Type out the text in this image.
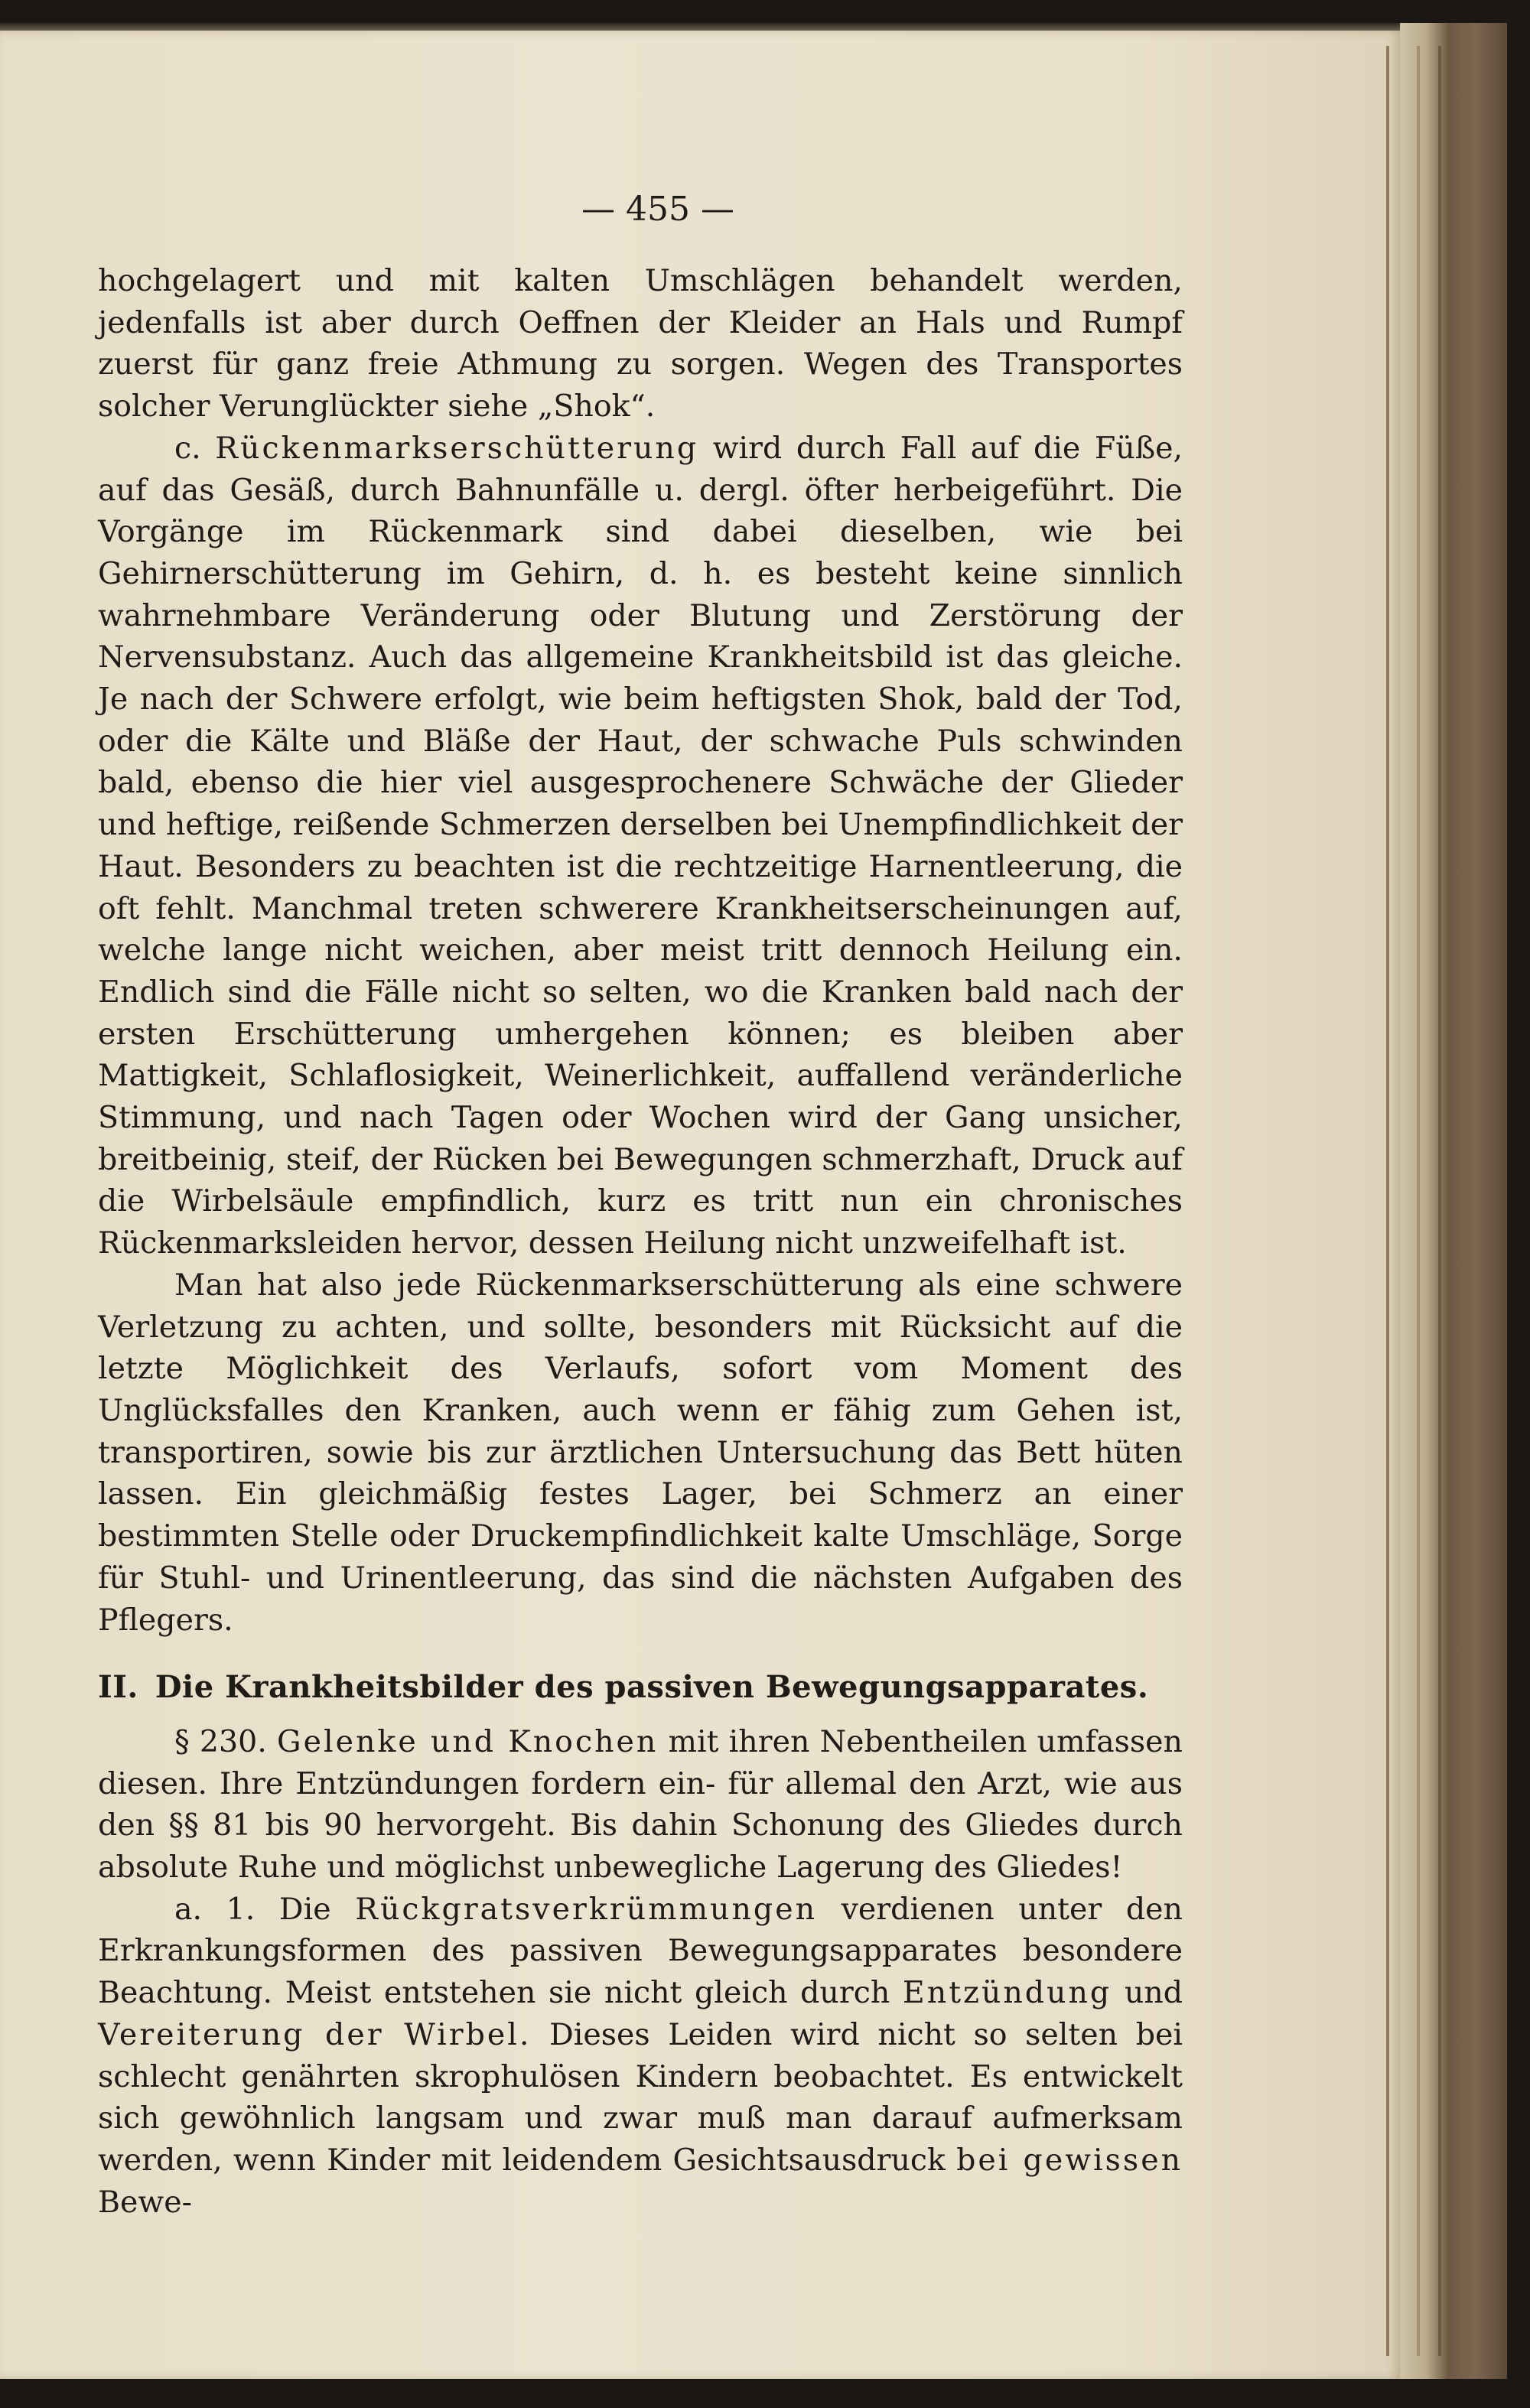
— 455 —

hochgelagert und mit kalten Umschlägen behandelt werden, jedenfalls ist aber durch Oeffnen der Kleider an Hals und Rumpf zuerst für ganz freie Athmung zu sorgen. Wegen des Transportes solcher Verunglückter siehe „Shok“.

c. Rückenmarkserschütterung wird durch Fall auf die Füße, auf das Gesäß, durch Bahnunfälle u. dergl. öfter herbeigeführt. Die Vorgänge im Rückenmark sind dabei dieselben, wie bei Gehirnerschütterung im Gehirn, d. h. es besteht keine sinnlich wahrnehmbare Veränderung oder Blutung und Zerstörung der Nervensubstanz. Auch das allgemeine Krankheitsbild ist das gleiche. Je nach der Schwere erfolgt, wie beim heftigsten Shok, bald der Tod, oder die Kälte und Bläße der Haut, der schwache Puls schwinden bald, ebenso die hier viel ausgesprochenere Schwäche der Glieder und heftige, reißende Schmerzen derselben bei Unempfindlichkeit der Haut. Besonders zu beachten ist die rechtzeitige Harnentleerung, die oft fehlt. Manchmal treten schwerere Krankheitserscheinungen auf, welche lange nicht weichen, aber meist tritt dennoch Heilung ein. Endlich sind die Fälle nicht so selten, wo die Kranken bald nach der ersten Erschütterung umhergehen können; es bleiben aber Mattigkeit, Schlaflosigkeit, Weinerlichkeit, auffallend veränderliche Stimmung, und nach Tagen oder Wochen wird der Gang unsicher, breitbeinig, steif, der Rücken bei Bewegungen schmerzhaft, Druck auf die Wirbelsäule empfindlich, kurz es tritt nun ein chronisches Rückenmarksleiden hervor, dessen Heilung nicht unzweifelhaft ist.

Man hat also jede Rückenmarkserschütterung als eine schwere Verletzung zu achten, und sollte, besonders mit Rücksicht auf die letzte Möglichkeit des Verlaufs, sofort vom Moment des Unglücksfalles den Kranken, auch wenn er fähig zum Gehen ist, transportiren, sowie bis zur ärztlichen Untersuchung das Bett hüten lassen. Ein gleichmäßig festes Lager, bei Schmerz an einer bestimmten Stelle oder Druckempfindlichkeit kalte Umschläge, Sorge für Stuhl- und Urinentleerung, das sind die nächsten Aufgaben des Pflegers.

II. Die Krankheitsbilder des passiven Bewegungsapparates.

§ 230. Gelenke und Knochen mit ihren Nebentheilen umfassen diesen. Ihre Entzündungen fordern ein- für allemal den Arzt, wie aus den §§ 81 bis 90 hervorgeht. Bis dahin Schonung des Gliedes durch absolute Ruhe und möglichst unbewegliche Lagerung des Gliedes!

a. 1. Die Rückgratsverkrümmungen verdienen unter den Erkrankungsformen des passiven Bewegungsapparates besondere Beachtung. Meist entstehen sie nicht gleich durch Entzündung und Vereiterung der Wirbel. Dieses Leiden wird nicht so selten bei schlecht genährten skrophulösen Kindern beobachtet. Es entwickelt sich gewöhnlich langsam und zwar muß man darauf aufmerksam werden, wenn Kinder mit leidendem Gesichtsausdruck bei gewissen Bewe-
